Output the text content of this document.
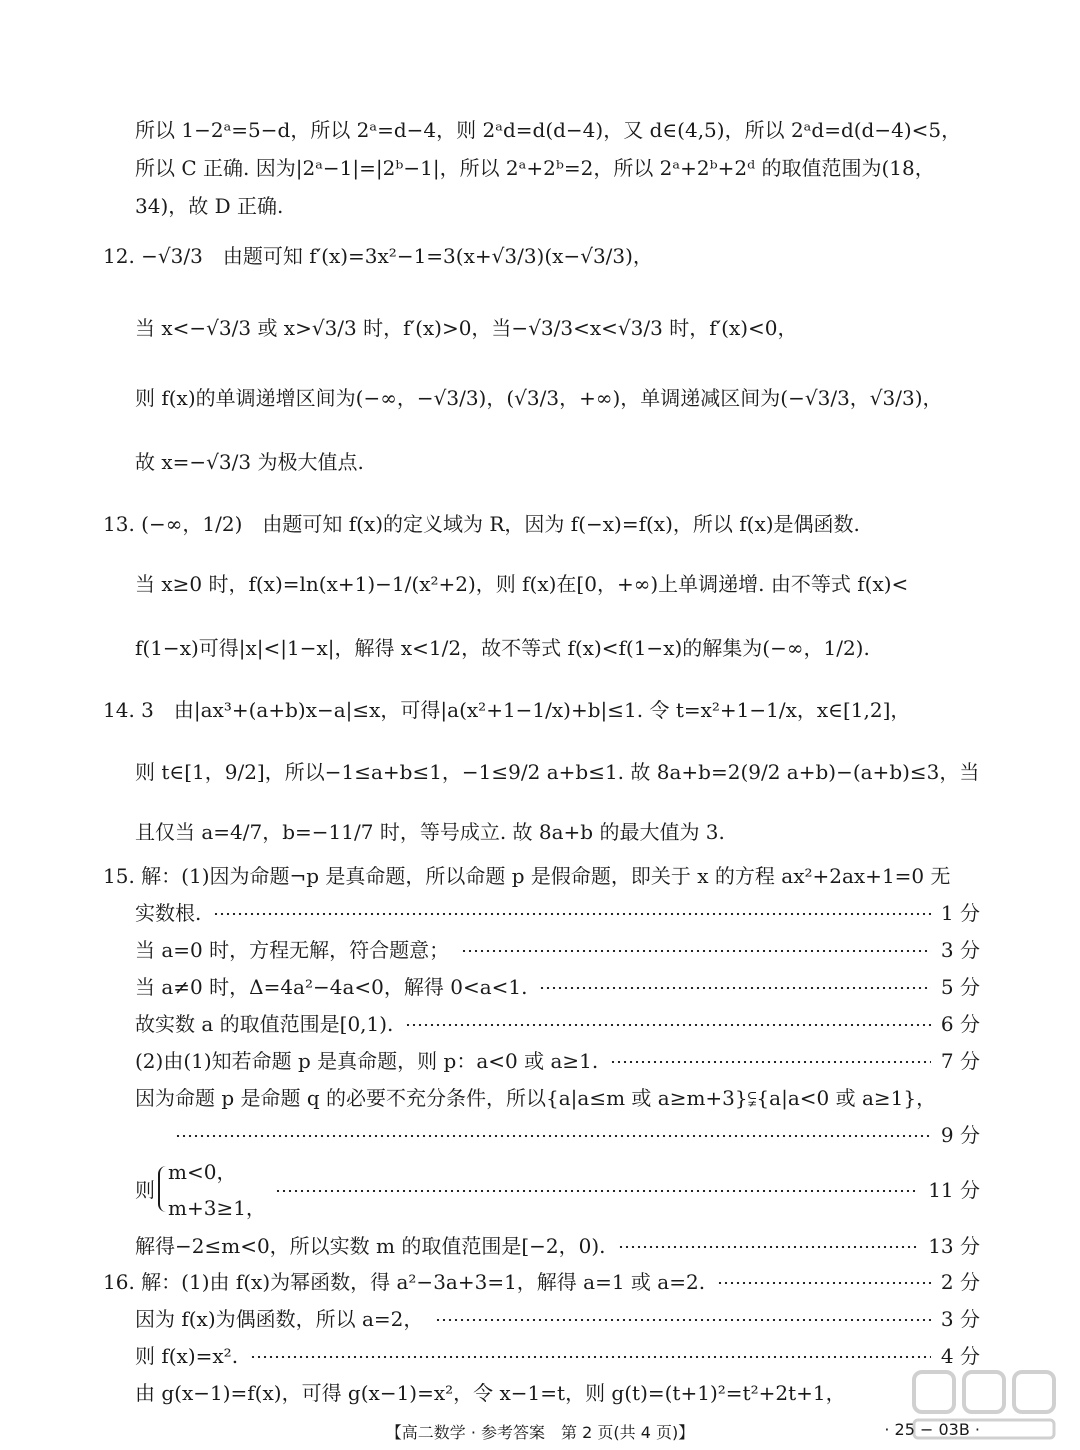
所以 1−2ᵃ=5−d，所以 2ᵃ=d−4，则 2ᵃd=d(d−4)，又 d∈(4,5)，所以 2ᵃd=d(d−4)<5，
所以 C 正确. 因为|2ᵃ−1|=|2ᵇ−1|，所以 2ᵃ+2ᵇ=2，所以 2ᵃ+2ᵇ+2ᵈ 的取值范围为(18，
34)，故 D 正确.
12. −√3/3　由题可知 f′(x)=3x²−1=3(x+√3/3)(x−√3/3)，
当 x<−√3/3 或 x>√3/3 时，f′(x)>0，当−√3/3<x<√3/3 时，f′(x)<0，
则 f(x)的单调递增区间为(−∞，−√3/3)，(√3/3，+∞)，单调递减区间为(−√3/3，√3/3)，
故 x=−√3/3 为极大值点.
13. (−∞，1/2)　由题可知 f(x)的定义域为 R，因为 f(−x)=f(x)，所以 f(x)是偶函数.
当 x≥0 时，f(x)=ln(x+1)−1/(x²+2)，则 f(x)在[0，+∞)上单调递增. 由不等式 f(x)<
f(1−x)可得|x|<|1−x|，解得 x<1/2，故不等式 f(x)<f(1−x)的解集为(−∞，1/2).
14. 3　由|ax³+(a+b)x−a|≤x，可得|a(x²+1−1/x)+b|≤1. 令 t=x²+1−1/x，x∈[1,2]，
则 t∈[1，9/2]，所以−1≤a+b≤1，−1≤9/2 a+b≤1. 故 8a+b=2(9/2 a+b)−(a+b)≤3，当
且仅当 a=4/7，b=−11/7 时，等号成立. 故 8a+b 的最大值为 3.
15. 解：(1)因为命题¬p 是真命题，所以命题 p 是假命题，即关于 x 的方程 ax²+2ax+1=0 无
实数根.
当 a=0 时，方程无解，符合题意；
当 a≠0 时，Δ=4a²−4a<0，解得 0<a<1.
故实数 a 的取值范围是[0,1).
(2)由(1)知若命题 p 是真命题，则 p：a<0 或 a≥1.
因为命题 p 是命题 q 的必要不充分条件，所以{a|a≤m 或 a≥m+3}⫋{a|a<0 或 a≥1}，
m<0，
则
m+3≥1，
解得−2≤m<0，所以实数 m 的取值范围是[−2，0).
16. 解：(1)由 f(x)为幂函数，得 a²−3a+3=1，解得 a=1 或 a=2.
因为 f(x)为偶函数，所以 a=2，
则 f(x)=x².
由 g(x−1)=f(x)，可得 g(x−1)=x²，令 x−1=t，则 g(t)=(t+1)²=t²+2t+1，
1 分
3 分
5 分
6 分
7 分
9 分
11 分
13 分
2 分
3 分
4 分
【高二数学 · 参考答案　第 2 页(共 4 页)】	· 25 − 03B ·
